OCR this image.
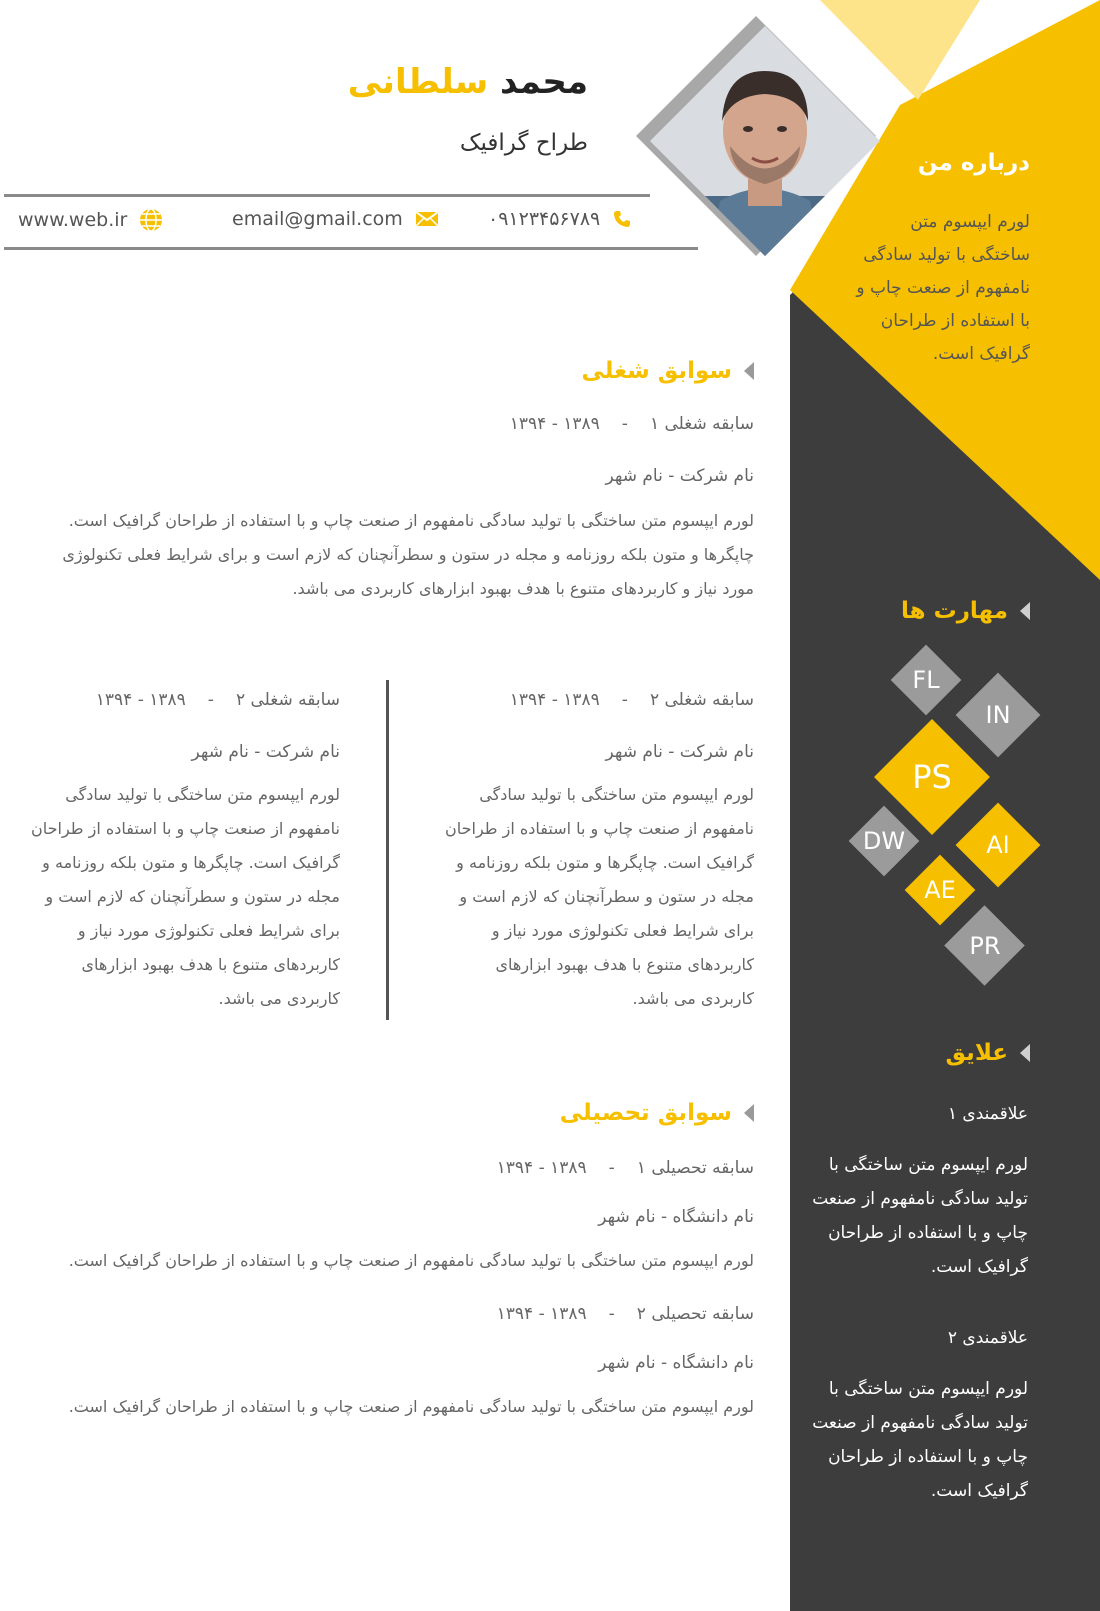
محمد سلطانی
طراح گرافیک
۰۹۱۲۳۴۵۶۷۸۹
email@gmail.com
www.web.ir
درباره من
لورم ایپسوم متن
ساختگی با تولید سادگی
نامفهوم از صنعت چاپ و
با استفاده از طراحان
گرافیک است.
سوابق شغلی
سابقه شغلی ۱-۱۳۸۹ - ۱۳۹۴
نام شرکت - نام شهر
لورم ایپسوم متن ساختگی با تولید سادگی نامفهوم از صنعت چاپ و با استفاده از طراحان گرافیک است.
چاپگرها و متون بلکه روزنامه و مجله در ستون و سطرآنچنان که لازم است و برای شرایط فعلی تکنولوژی
مورد نیاز و کاربردهای متنوع با هدف بهبود ابزارهای کاربردی می باشد.
سابقه شغلی ۲-۱۳۸۹ - ۱۳۹۴
نام شرکت - نام شهر
لورم ایپسوم متن ساختگی با تولید سادگی
نامفهوم از صنعت چاپ و با استفاده از طراحان
گرافیک است. چاپگرها و متون بلکه روزنامه و
مجله در ستون و سطرآنچنان که لازم است و
برای شرایط فعلی تکنولوژی مورد نیاز و
کاربردهای متنوع با هدف بهبود ابزارهای
کاربردی می باشد.
سابقه شغلی ۲-۱۳۸۹ - ۱۳۹۴
نام شرکت - نام شهر
لورم ایپسوم متن ساختگی با تولید سادگی
نامفهوم از صنعت چاپ و با استفاده از طراحان
گرافیک است. چاپگرها و متون بلکه روزنامه و
مجله در ستون و سطرآنچنان که لازم است و
برای شرایط فعلی تکنولوژی مورد نیاز و
کاربردهای متنوع با هدف بهبود ابزارهای
کاربردی می باشد.
سوابق تحصیلی
سابقه تحصیلی ۱-۱۳۸۹ - ۱۳۹۴
نام دانشگاه - نام شهر
لورم ایپسوم متن ساختگی با تولید سادگی نامفهوم از صنعت چاپ و با استفاده از طراحان گرافیک است.
سابقه تحصیلی ۲-۱۳۸۹ - ۱۳۹۴
نام دانشگاه - نام شهر
لورم ایپسوم متن ساختگی با تولید سادگی نامفهوم از صنعت چاپ و با استفاده از طراحان گرافیک است.
مهارت ها
FL
IN
PS
DW	AI
AE
PR
علایق
علاقمندی ۱
لورم ایپسوم متن ساختگی با
تولید سادگی نامفهوم از صنعت
چاپ و با استفاده از طراحان
گرافیک است.
علاقمندی ۲
لورم ایپسوم متن ساختگی با
تولید سادگی نامفهوم از صنعت
چاپ و با استفاده از طراحان
گرافیک است.
